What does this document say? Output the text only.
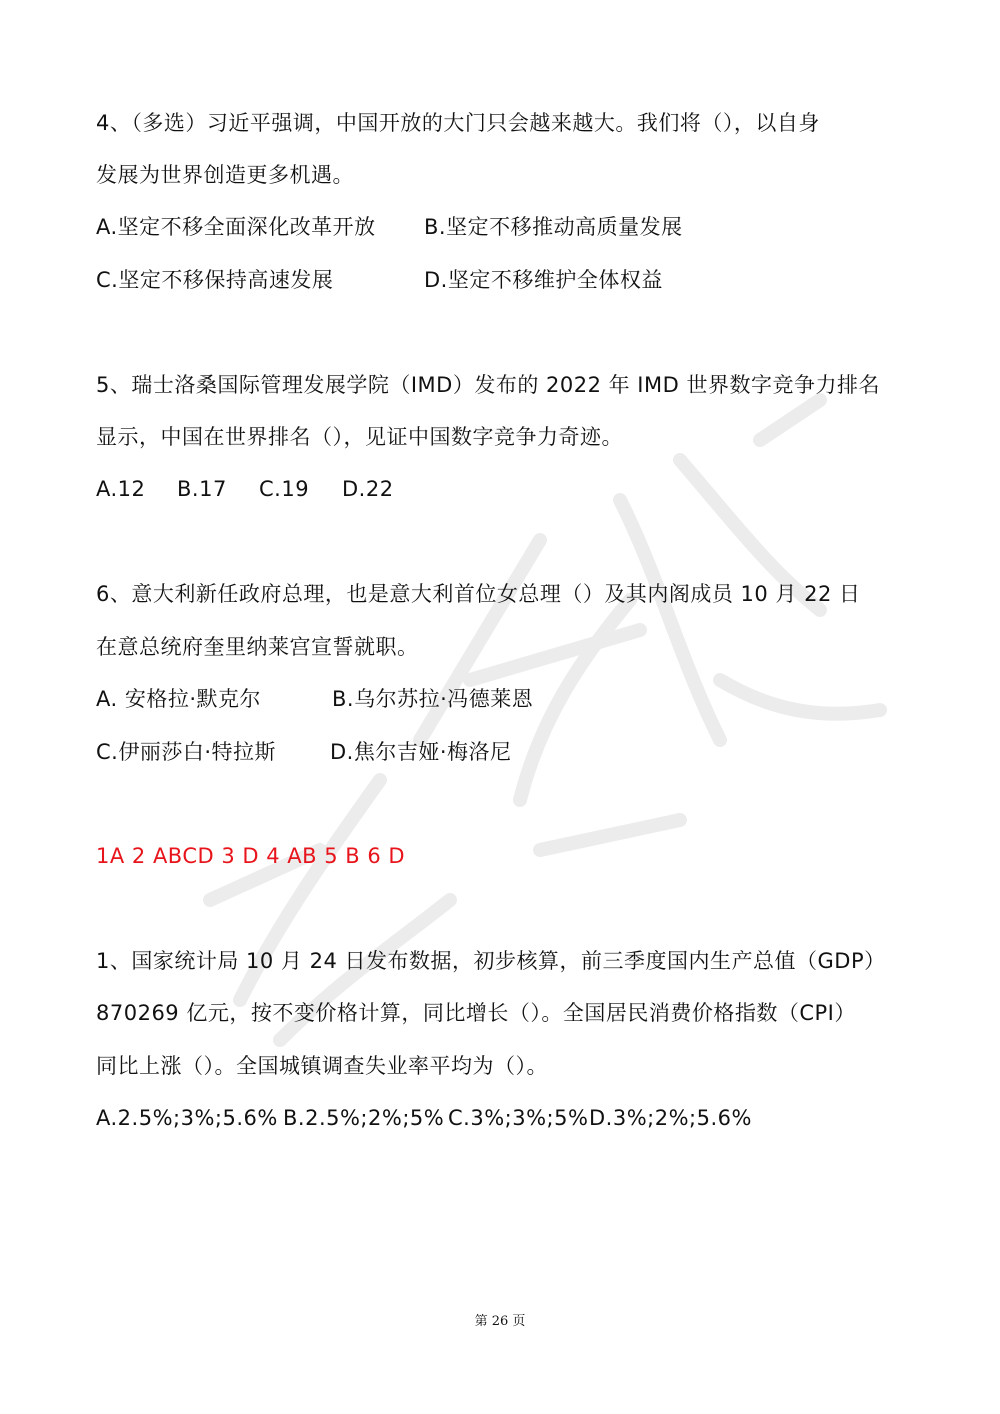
4、（多选）习近平强调，中国开放的大门只会越来越大。我们将（），以自身
发展为世界创造更多机遇。
A.坚定不移全面深化改革开放 B.坚定不移推动高质量发展
C.坚定不移保持高速发展	D.坚定不移维护全体权益
5、瑞士洛桑国际管理发展学院（IMD）发布的 2022 年 IMD 世界数字竞争力排名
显示，中国在世界排名（），见证中国数字竞争力奇迹。
A.12 B.17 C.19 D.22
6、意大利新任政府总理，也是意大利首位女总理（）及其内阁成员 10 月 22 日
在意总统府奎里纳莱宫宣誓就职。
A. 安格拉·默克尔	B.乌尔苏拉·冯德莱恩
C.伊丽莎白·特拉斯	D.焦尔吉娅·梅洛尼
1A 2 ABCD 3 D 4 AB 5 B 6 D
1、国家统计局 10 月 24 日发布数据，初步核算，前三季度国内生产总值（GDP）
870269 亿元，按不变价格计算，同比增长（）。全国居民消费价格指数（CPI）
同比上涨（）。全国城镇调查失业率平均为（）。
A.2.5%;3%;5.6% B.2.5%;2%;5% C.3%;3%;5% D.3%;2%;5.6%
第 26 页
